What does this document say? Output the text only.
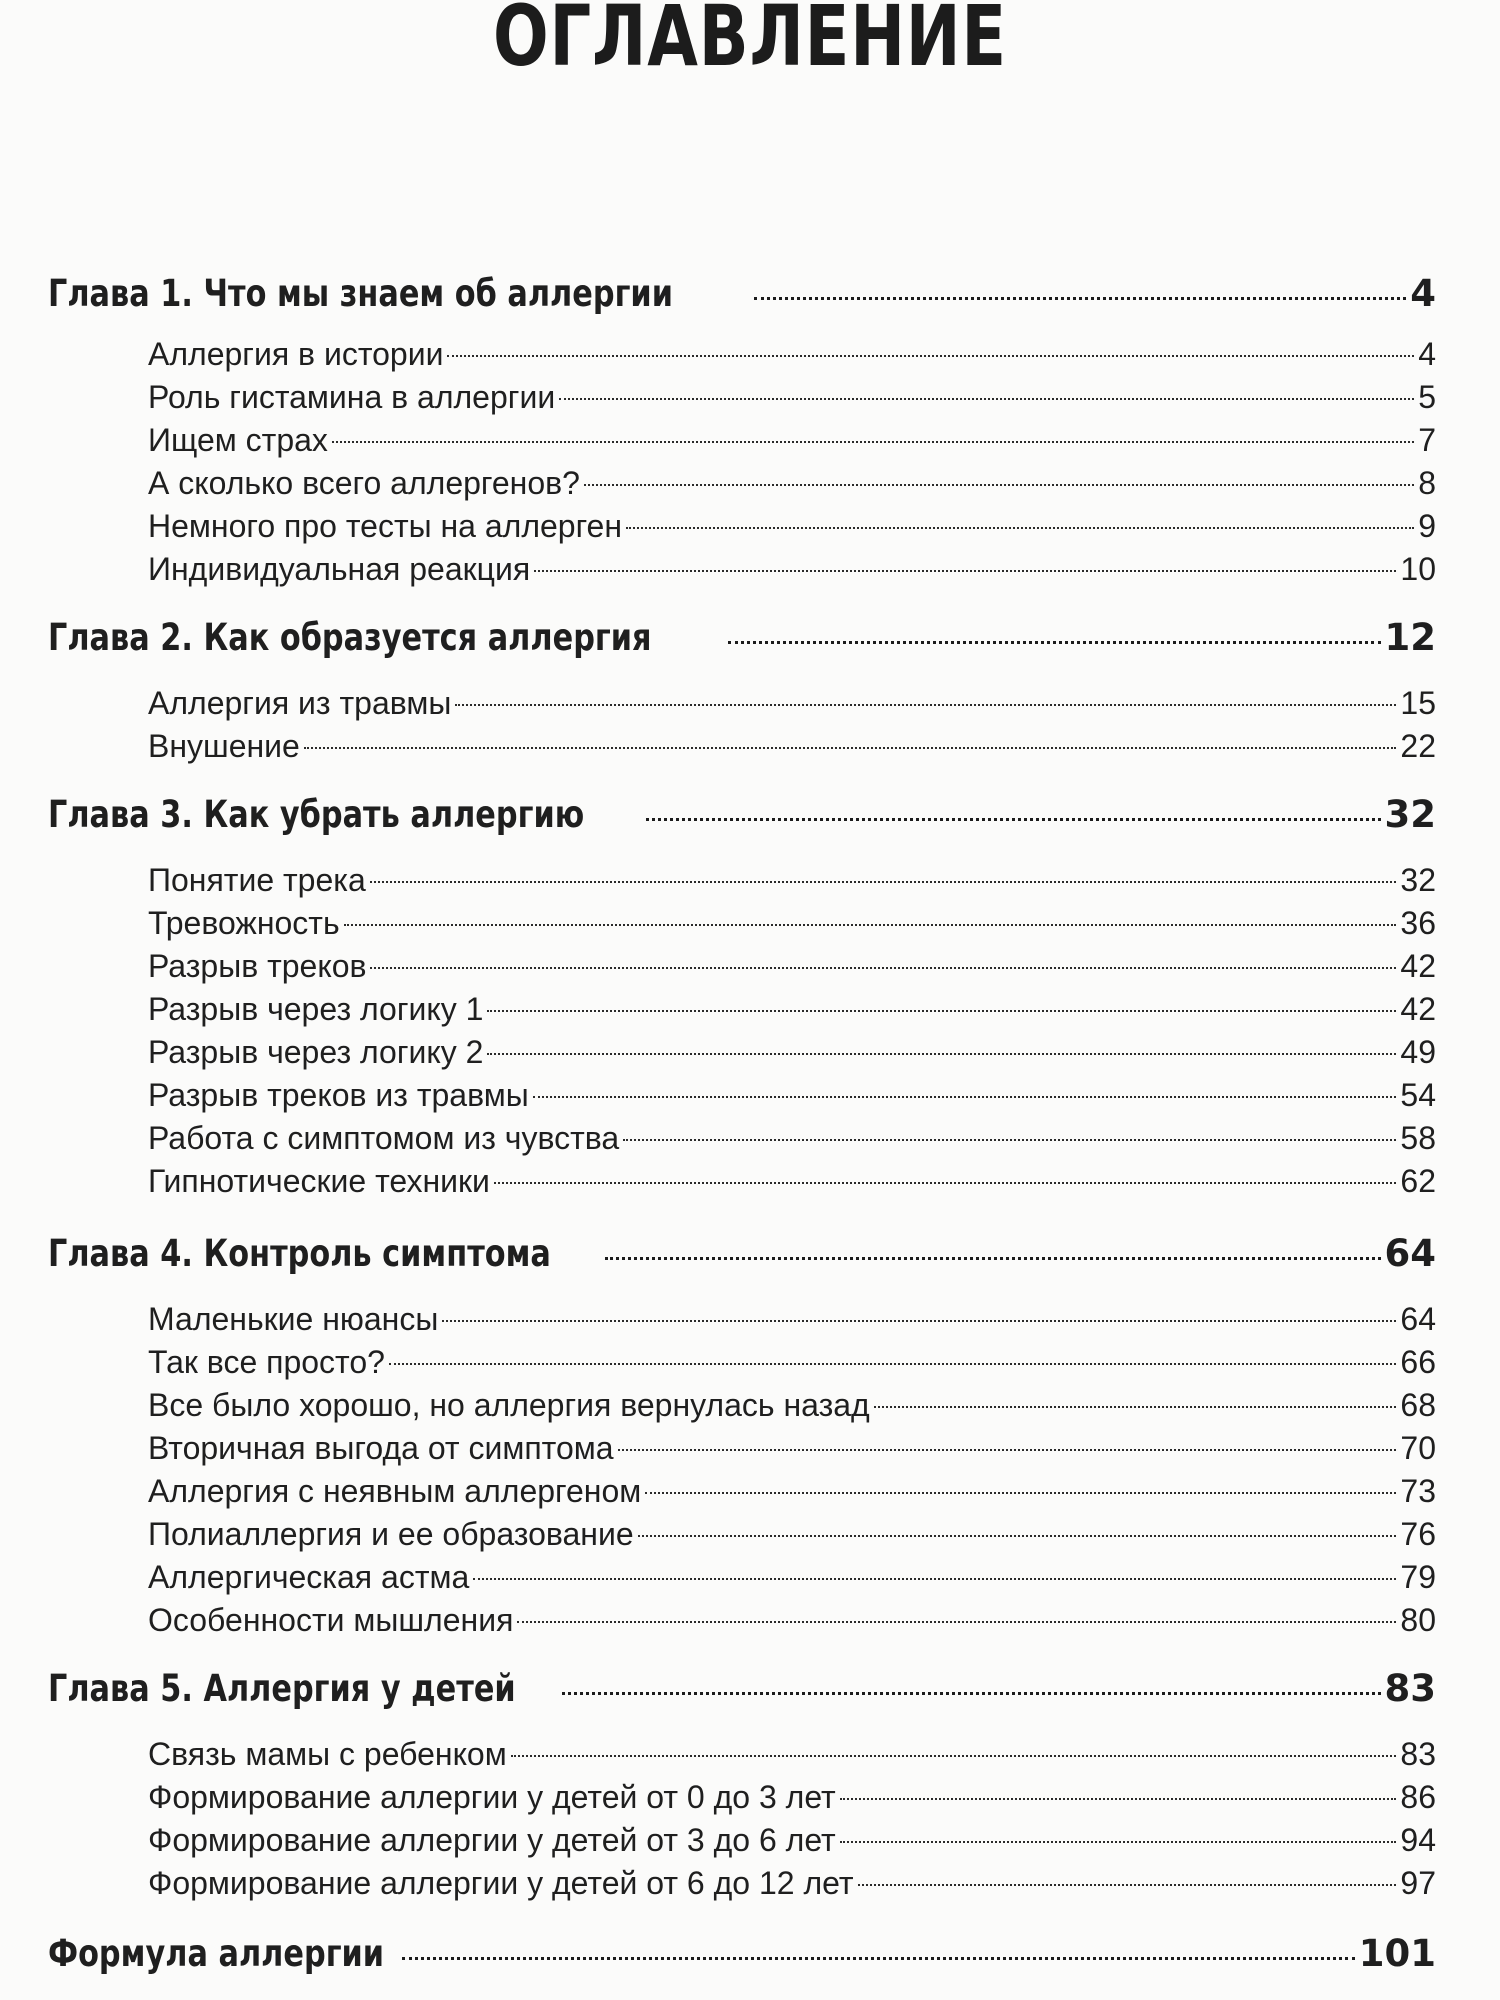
ОГЛАВЛЕНИЕ
Глава 1. Что мы знаем об аллергии	4
Аллергия в истории	4
Роль гистамина в аллергии	5
Ищем страх	7
А сколько всего аллергенов?	8
Немного про тесты на аллерген	9
Индивидуальная реакция	10
Глава 2. Как образуется аллергия	12
Аллергия из травмы	15
Внушение	22
Глава 3. Как убрать аллергию	32
Понятие трека	32
Тревожность	36
Разрыв треков	42
Разрыв через логику 1	42
Разрыв через логику 2	49
Разрыв треков из травмы	54
Работа с симптомом из чувства	58
Гипнотические техники	62
Глава 4. Контроль симптома	64
Маленькие нюансы	64
Так все просто?	66
Все было хорошо, но аллергия вернулась назад	68
Вторичная выгода от симптома	70
Аллергия с неявным аллергеном	73
Полиаллергия и ее образование	76
Аллергическая астма	79
Особенности мышления	80
Глава 5. Аллергия у детей	83
Связь мамы с ребенком	83
Формирование аллергии у детей от 0 до 3 лет	86
Формирование аллергии у детей от 3 до 6 лет	94
Формирование аллергии у детей от 6 до 12 лет	97
Формула аллергии	101
